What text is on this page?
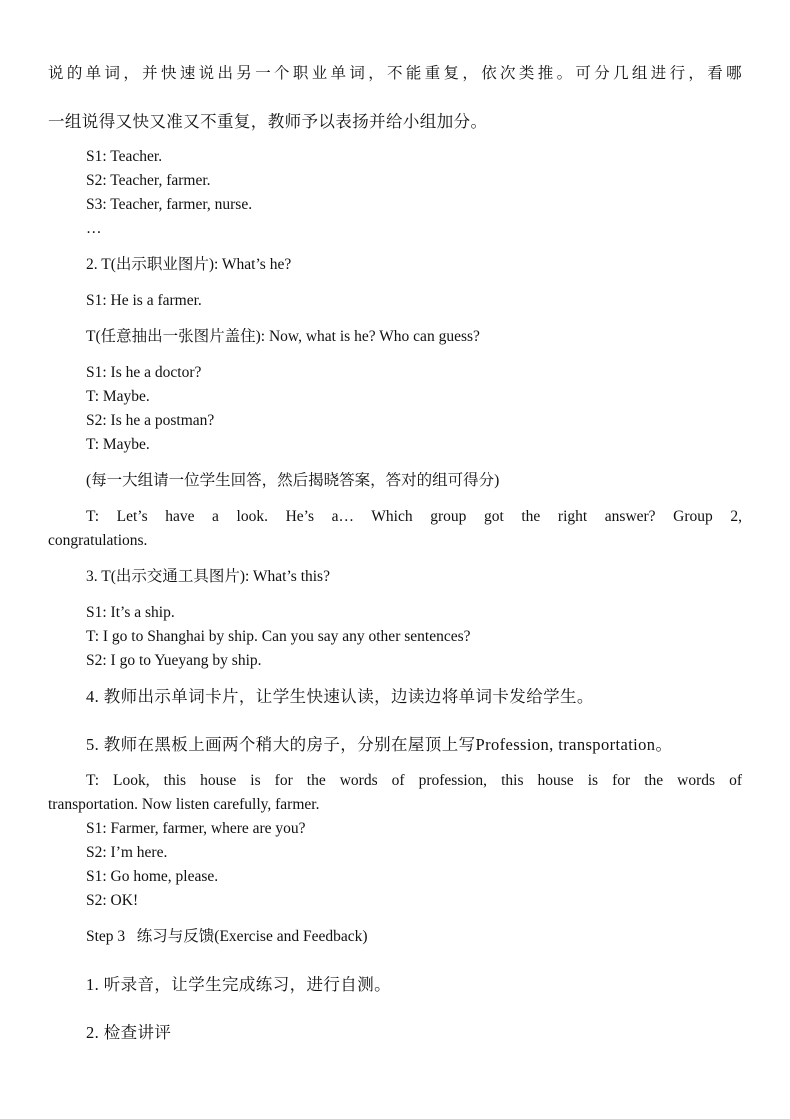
说的单词，并快速说出另一个职业单词，不能重复，依次类推。可分几组进行，看哪
一组说得又快又准又不重复，教师予以表扬并给小组加分。
S1: Teacher.
S2: Teacher, farmer.
S3: Teacher, farmer, nurse.
…
2. T(出示职业图片): What’s he?
S1: He is a farmer.
T(任意抽出一张图片盖住): Now, what is he? Who can guess?
S1: Is he a doctor?
T: Maybe.
S2: Is he a postman?
T: Maybe.
(每一大组请一位学生回答，然后揭晓答案，答对的组可得分)
T: Let’s have a look. He’s a… Which group got the right answer? Group 2,
congratulations.
3. T(出示交通工具图片): What’s this?
S1: It’s a ship.
T: I go to Shanghai by ship. Can you say any other sentences?
S2: I go to Yueyang by ship.
4. 教师出示单词卡片，让学生快速认读，边读边将单词卡发给学生。
5. 教师在黑板上画两个稍大的房子，分别在屋顶上写Profession, transportation。
T: Look, this house is for the words of profession, this house is for the words of
transportation. Now listen carefully, farmer.
S1: Farmer, farmer, where are you?
S2: I’m here.
S1: Go home, please.
S2: OK!
Step 3   练习与反馈(Exercise and Feedback)
1. 听录音，让学生完成练习，进行自测。
2. 检查讲评
